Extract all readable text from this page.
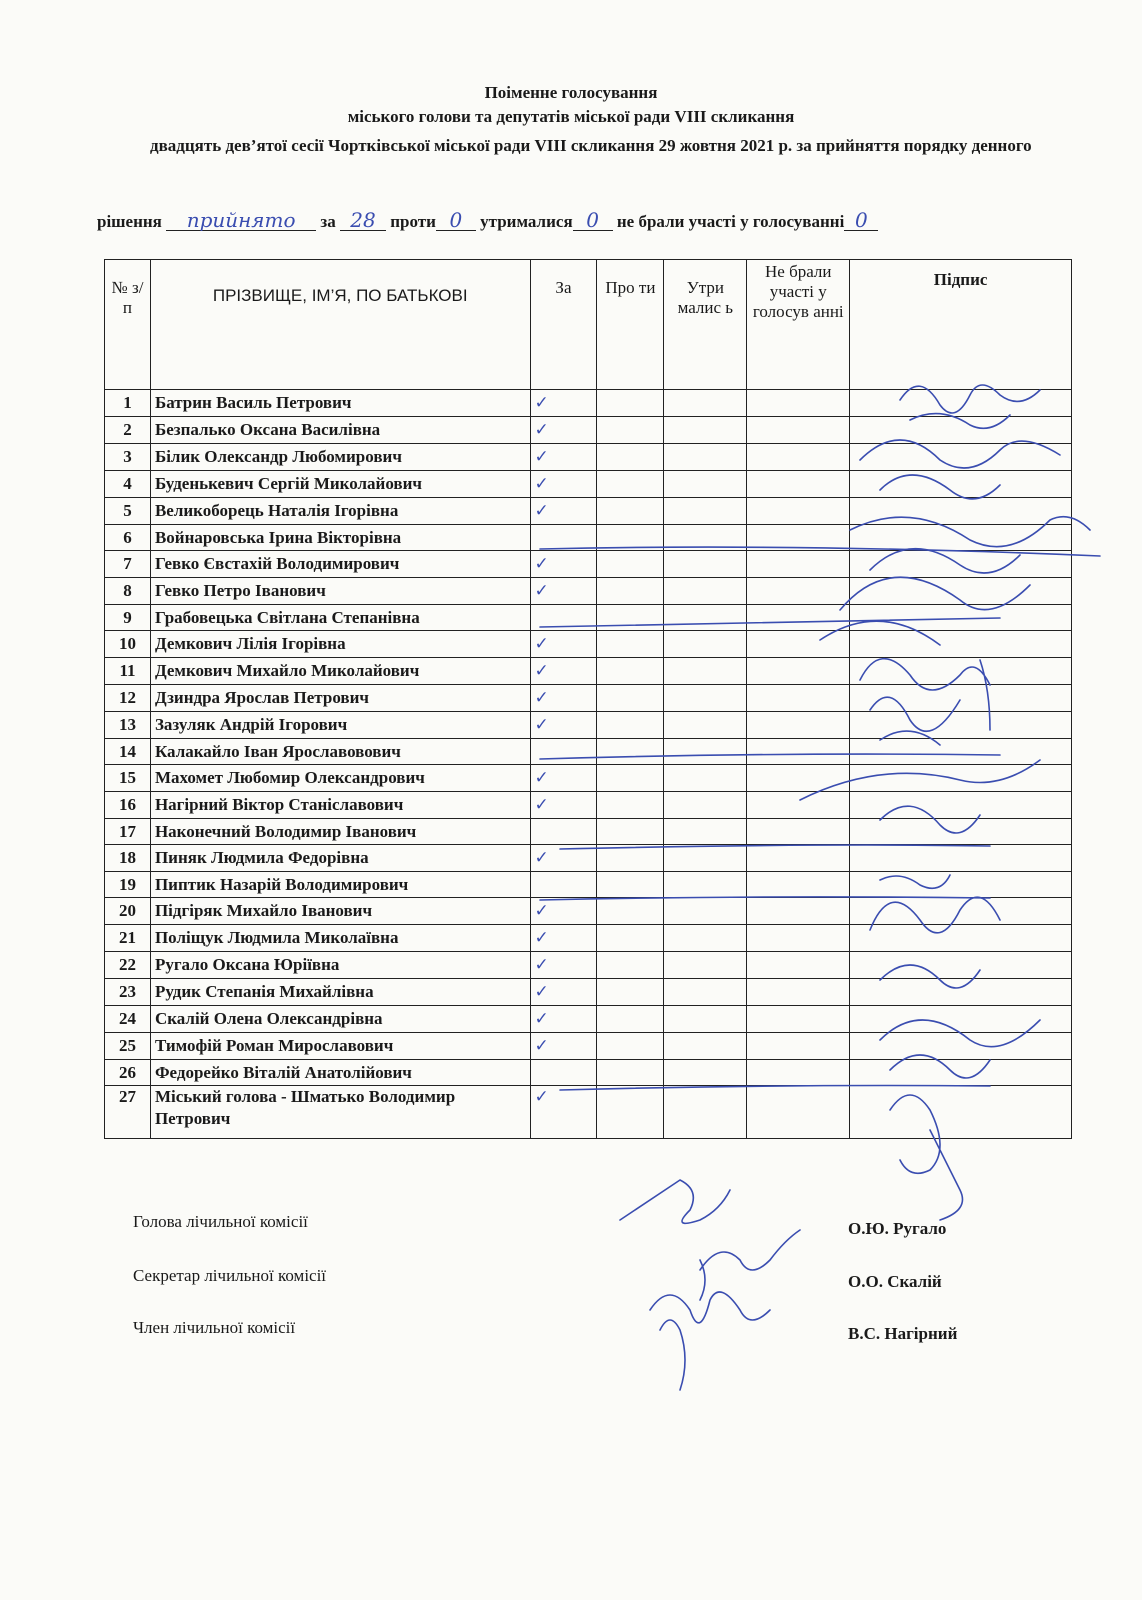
Поіменне голосування
міського голови та депутатів міської ради VIII скликання
двадцять дев’ятої сесії Чортківської міської ради VIII скликання 29 жовтня 2021 р. за прийняття порядку денного
рішення прийнято за 28 проти 0 утрималися 0 не брали участі у голосуванні 0
№ з/п	ПРІЗВИЩЕ, ІМ’Я, ПО БАТЬКОВІ	За	Про ти	Утри малис ь	Не брали участі у голосув анні	Підпис
1	Батрин Василь Петрович	✓				
2	Безпалько Оксана Василівна	✓				
3	Білик Олександр Любомирович	✓				
4	Буденькевич Сергій Миколайович	✓				
5	Великоборець Наталія Ігорівна	✓				
6	Войнаровська Ірина Вікторівна					
7	Гевко Євстахій Володимирович	✓				
8	Гевко Петро Іванович	✓				
9	Грабовецька Світлана Степанівна					
10	Демкович Лілія Ігорівна	✓				
11	Демкович Михайло Миколайович	✓				
12	Дзиндра Ярослав Петрович	✓				
13	Зазуляк Андрій Ігорович	✓				
14	Калакайло Іван Ярославовович					
15	Махомет Любомир Олександрович	✓				
16	Нагірний Віктор Станіславович	✓				
17	Наконечний Володимир Іванович					
18	Пиняк Людмила Федорівна	✓				
19	Пиптик Назарій Володимирович					
20	Підгіряк Михайло Іванович	✓				
21	Поліщук Людмила Миколаївна	✓				
22	Ругало Оксана Юріївна	✓				
23	Рудик Степанія Михайлівна	✓				
24	Скалій Олена Олександрівна	✓				
25	Тимофій Роман Мирославович	✓				
26	Федорейко Віталій Анатолійович					
27	Міський голова - Шматько Володимир Петрович	✓				
Голова лічильної комісії
Секретар лічильної комісії
Член лічильної комісії
О.Ю. Ругало
О.О. Скалій
В.С. Нагірний
